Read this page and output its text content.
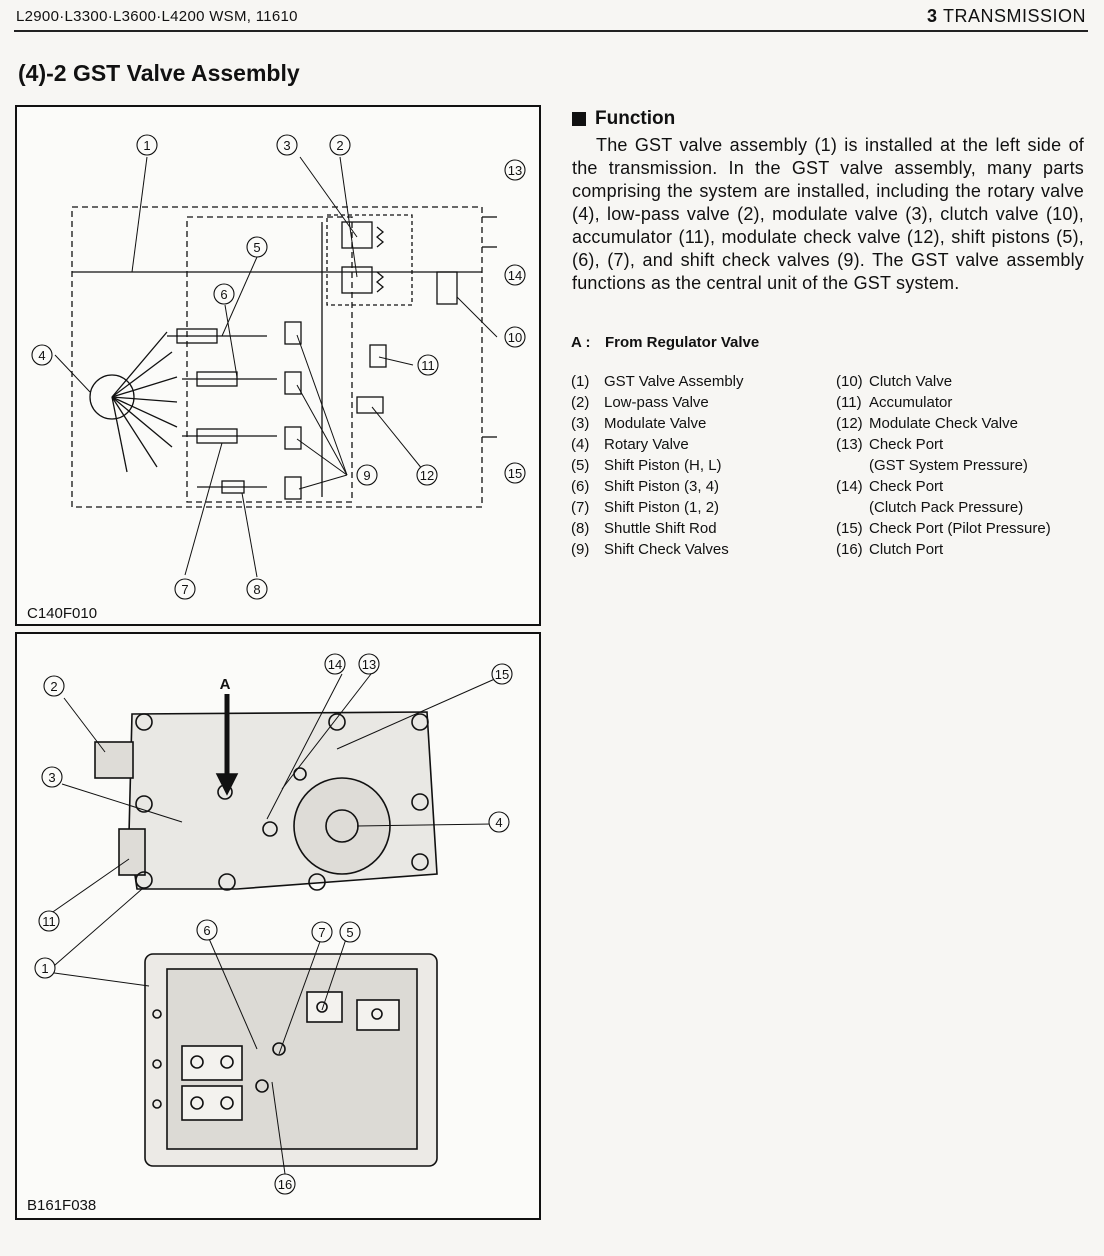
L2900·L3300·L3600·L4200 WSM, 11610	3 TRANSMISSION
(4)-2 GST Valve Assembly
1	2
3
4
5
6
7	8
9
10
11
12
13
14
15
C140F010
1
2
3
4
5
6	7
11
13
14
15
16
A
B161F038
Function
The GST valve assembly (1) is installed at the left side of the transmission. In the GST valve assembly, many parts comprising the system are installed, including the rotary valve (4), low-pass valve (2), modulate valve (3), clutch valve (10), accumulator (11), modulate check valve (12), shift pistons (5), (6), (7), and shift check valves (9). The GST valve assembly functions as the central unit of the GST system.
A : From Regulator Valve
(1) GST Valve Assembly
(2) Low-pass Valve
(3) Modulate Valve
(4) Rotary Valve
(5) Shift Piston (H, L)
(6) Shift Piston (3, 4)
(7) Shift Piston (1, 2)
(8) Shuttle Shift Rod
(9) Shift Check Valves
(10) Clutch Valve
(11) Accumulator
(12) Modulate Check Valve
(13) Check Port
(GST System Pressure)
(14) Check Port
(Clutch Pack Pressure)
(15) Check Port (Pilot Pressure)
(16) Clutch Port
